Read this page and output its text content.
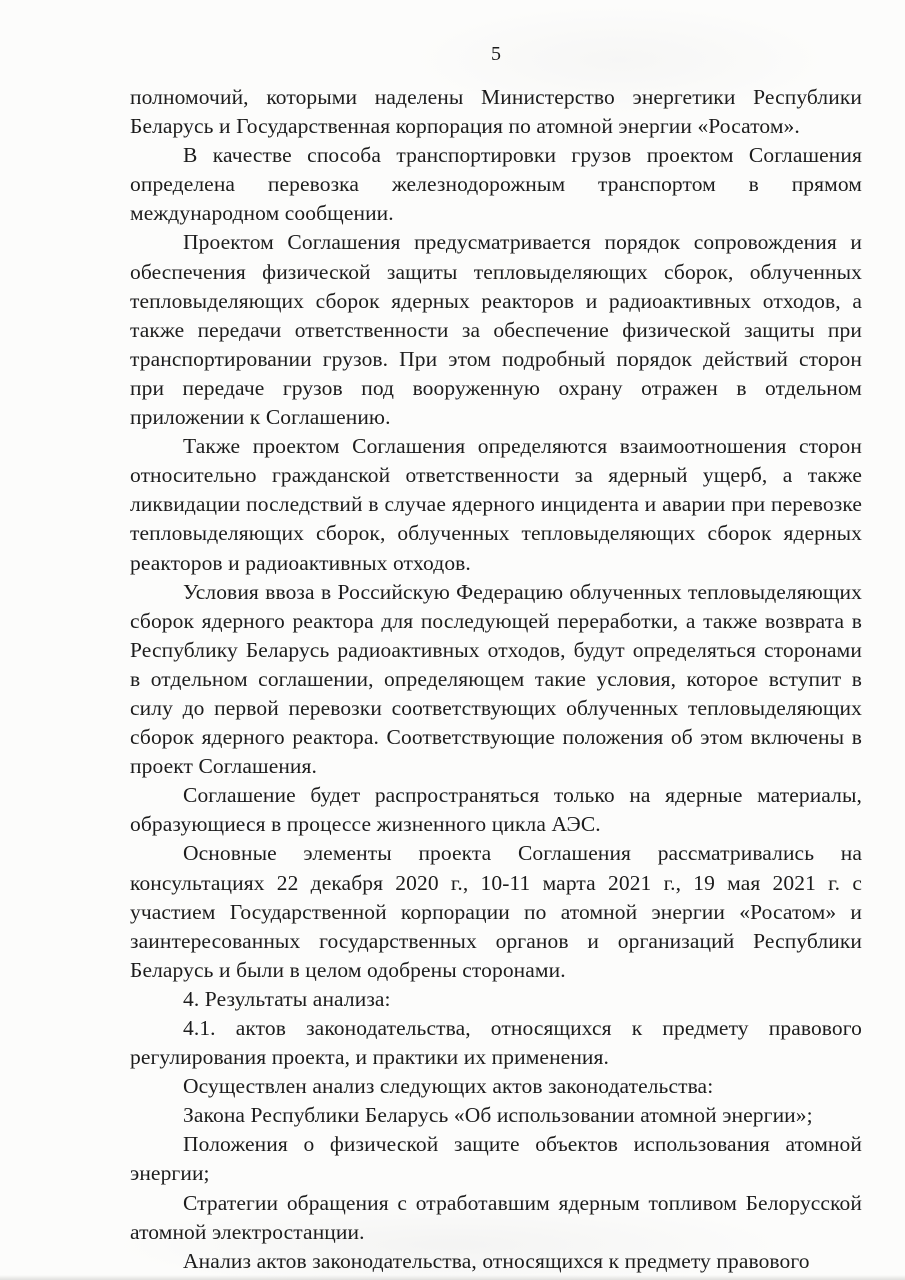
5

полномочий, которыми наделены Министерство энергетики Республики Беларусь и Государственная корпорация по атомной энергии «Росатом».

В качестве способа транспортировки грузов проектом Соглашения определена перевозка железнодорожным транспортом в прямом международном сообщении.

Проектом Соглашения предусматривается порядок сопровождения и обеспечения физической защиты тепловыделяющих сборок, облученных тепловыделяющих сборок ядерных реакторов и радиоактивных отходов, а также передачи ответственности за обеспечение физической защиты при транспортировании грузов. При этом подробный порядок действий сторон при передаче грузов под вооруженную охрану отражен в отдельном приложении к Соглашению.

Также проектом Соглашения определяются взаимоотношения сторон относительно гражданской ответственности за ядерный ущерб, а также ликвидации последствий в случае ядерного инцидента и аварии при перевозке тепловыделяющих сборок, облученных тепловыделяющих сборок ядерных реакторов и радиоактивных отходов.

Условия ввоза в Российскую Федерацию облученных тепловыделяющих сборок ядерного реактора для последующей переработки, а также возврата в Республику Беларусь радиоактивных отходов, будут определяться сторонами в отдельном соглашении, определяющем такие условия, которое вступит в силу до первой перевозки соответствующих облученных тепловыделяющих сборок ядерного реактора. Соответствующие положения об этом включены в проект Соглашения.

Соглашение будет распространяться только на ядерные материалы, образующиеся в процессе жизненного цикла АЭС.

Основные элементы проекта Соглашения рассматривались на консультациях 22 декабря 2020 г., 10-11 марта 2021 г., 19 мая 2021 г. с участием Государственной корпорации по атомной энергии «Росатом» и заинтересованных государственных органов и организаций Республики Беларусь и были в целом одобрены сторонами.

4. Результаты анализа:

4.1. актов законодательства, относящихся к предмету правового регулирования проекта, и практики их применения.

Осуществлен анализ следующих актов законодательства:

Закона Республики Беларусь «Об использовании атомной энергии»;

Положения о физической защите объектов использования атомной энергии;

Стратегии обращения с отработавшим ядерным топливом Белорусской атомной электростанции.

Анализ актов законодательства, относящихся к предмету правового
